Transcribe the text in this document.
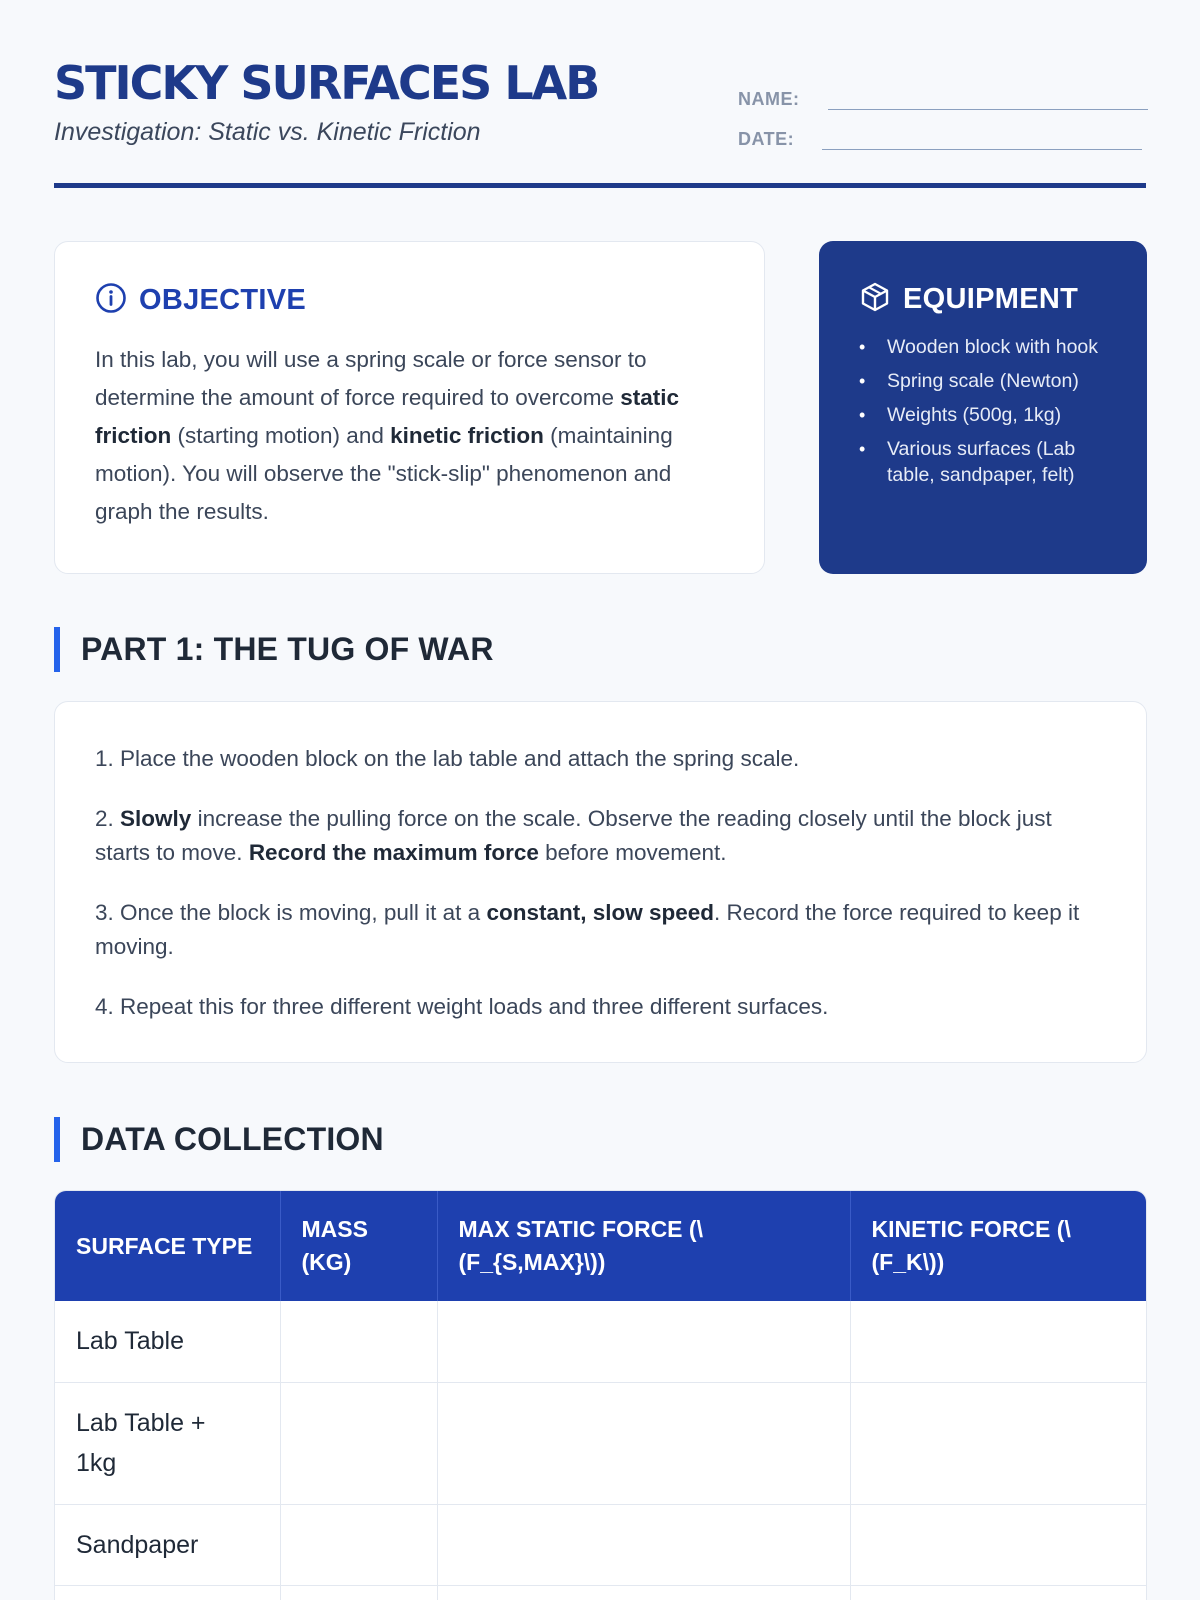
STICKY SURFACES LAB
Investigation: Static vs. Kinetic Friction
NAME:
DATE:
OBJECTIVE

In this lab, you will use a spring scale or force sensor to determine the amount of force required to overcome static friction (starting motion) and kinetic friction (maintaining motion). You will observe the "stick-slip" phenomenon and graph the results.

EQUIPMENT
• Wooden block with hook
• Spring scale (Newton)
• Weights (500g, 1kg)
• Various surfaces (Lab table, sandpaper, felt)
PART 1: THE TUG OF WAR

1. Place the wooden block on the lab table and attach the spring scale.

2. Slowly increase the pulling force on the scale. Observe the reading closely until the block just starts to move. Record the maximum force before movement.

3. Once the block is moving, pull it at a constant, slow speed. Record the force required to keep it moving.

4. Repeat this for three different weight loads and three different surfaces.

DATA COLLECTION
SURFACE TYPE	MASS (KG)	MAX STATIC FORCE (\(F_{S,MAX}\))	KINETIC FORCE (\(F_K\))
Lab Table			
Lab Table + 1kg			
Sandpaper			
